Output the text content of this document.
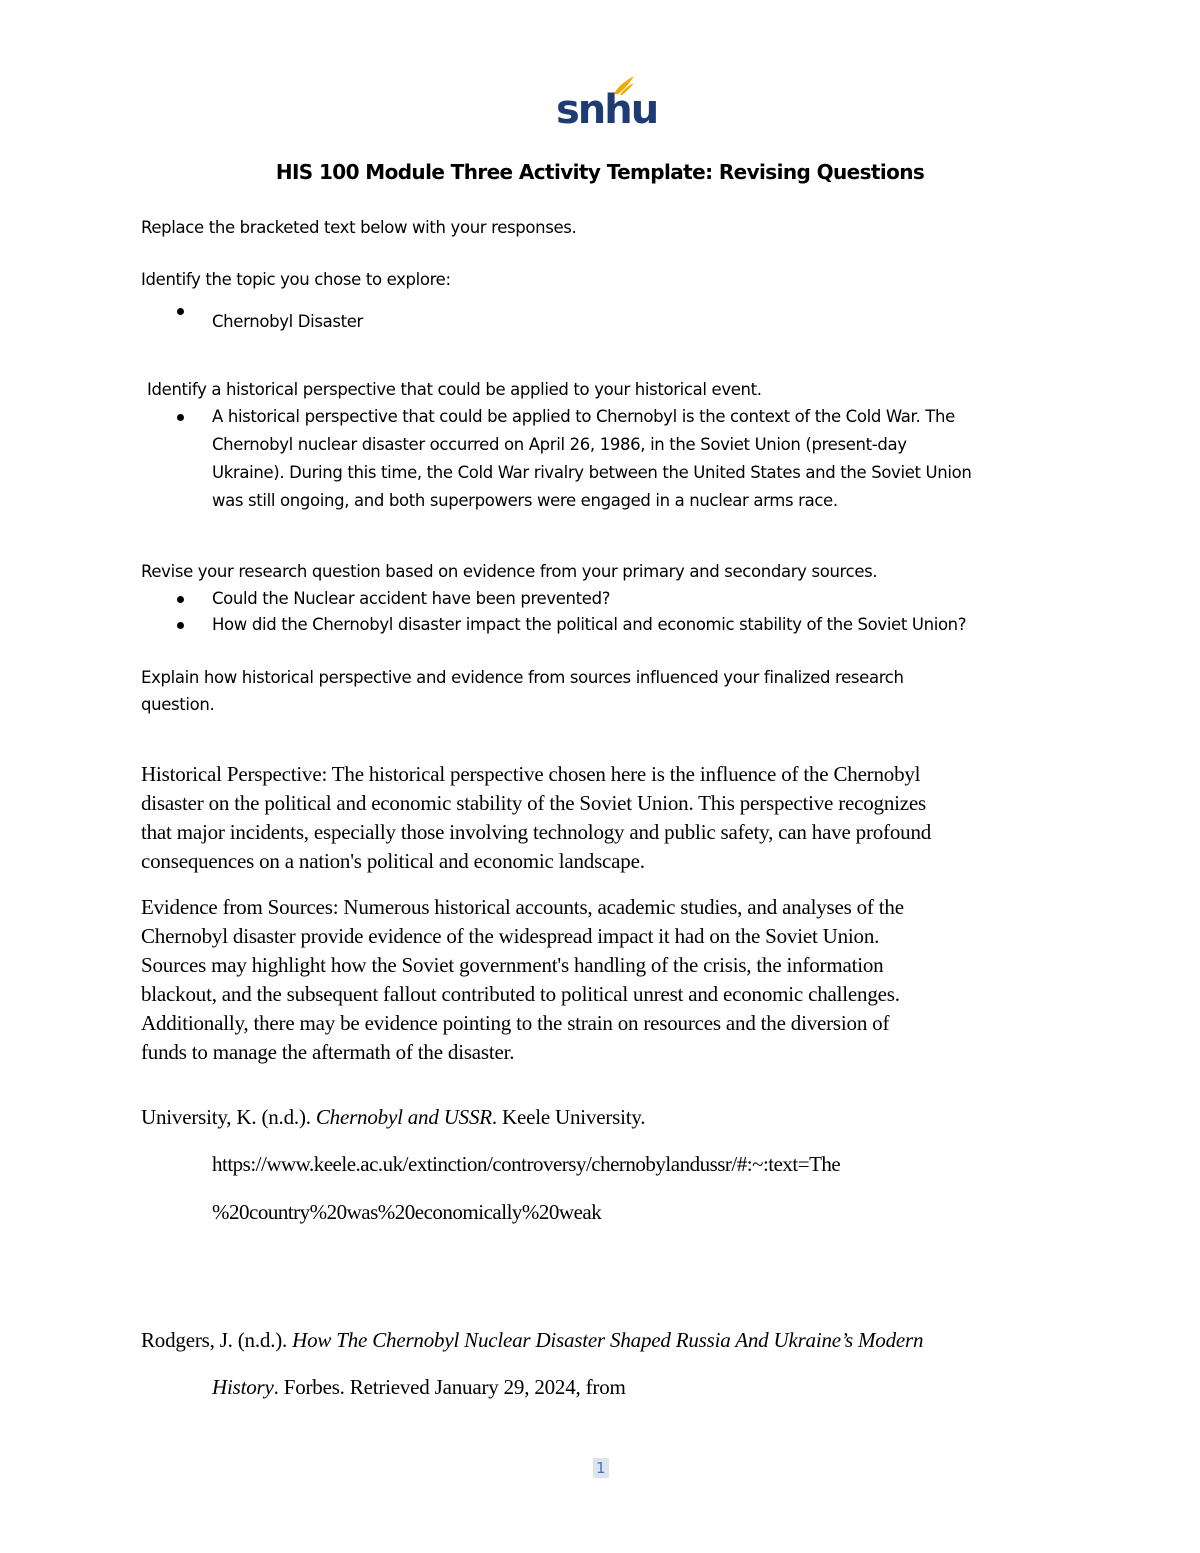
snhu
HIS 100 Module Three Activity Template: Revising Questions
Replace the bracketed text below with your responses.
Identify the topic you chose to explore:
Chernobyl Disaster
Identify a historical perspective that could be applied to your historical event.
A historical perspective that could be applied to Chernobyl is the context of the Cold War. The
Chernobyl nuclear disaster occurred on April 26, 1986, in the Soviet Union (present-day
Ukraine). During this time, the Cold War rivalry between the United States and the Soviet Union
was still ongoing, and both superpowers were engaged in a nuclear arms race.
Revise your research question based on evidence from your primary and secondary sources.
Could the Nuclear accident have been prevented?
How did the Chernobyl disaster impact the political and economic stability of the Soviet Union?
Explain how historical perspective and evidence from sources influenced your finalized research
question.
Historical Perspective: The historical perspective chosen here is the influence of the Chernobyl
disaster on the political and economic stability of the Soviet Union. This perspective recognizes
that major incidents, especially those involving technology and public safety, can have profound
consequences on a nation's political and economic landscape.
Evidence from Sources: Numerous historical accounts, academic studies, and analyses of the
Chernobyl disaster provide evidence of the widespread impact it had on the Soviet Union.
Sources may highlight how the Soviet government's handling of the crisis, the information
blackout, and the subsequent fallout contributed to political unrest and economic challenges.
Additionally, there may be evidence pointing to the strain on resources and the diversion of
funds to manage the aftermath of the disaster.
University, K. (n.d.). Chernobyl and USSR. Keele University.
https://www.keele.ac.uk/extinction/controversy/chernobylandussr/#:~:text=The
%20country%20was%20economically%20weak
Rodgers, J. (n.d.). How The Chernobyl Nuclear Disaster Shaped Russia And Ukraine’s Modern
History. Forbes. Retrieved January 29, 2024, from
1
